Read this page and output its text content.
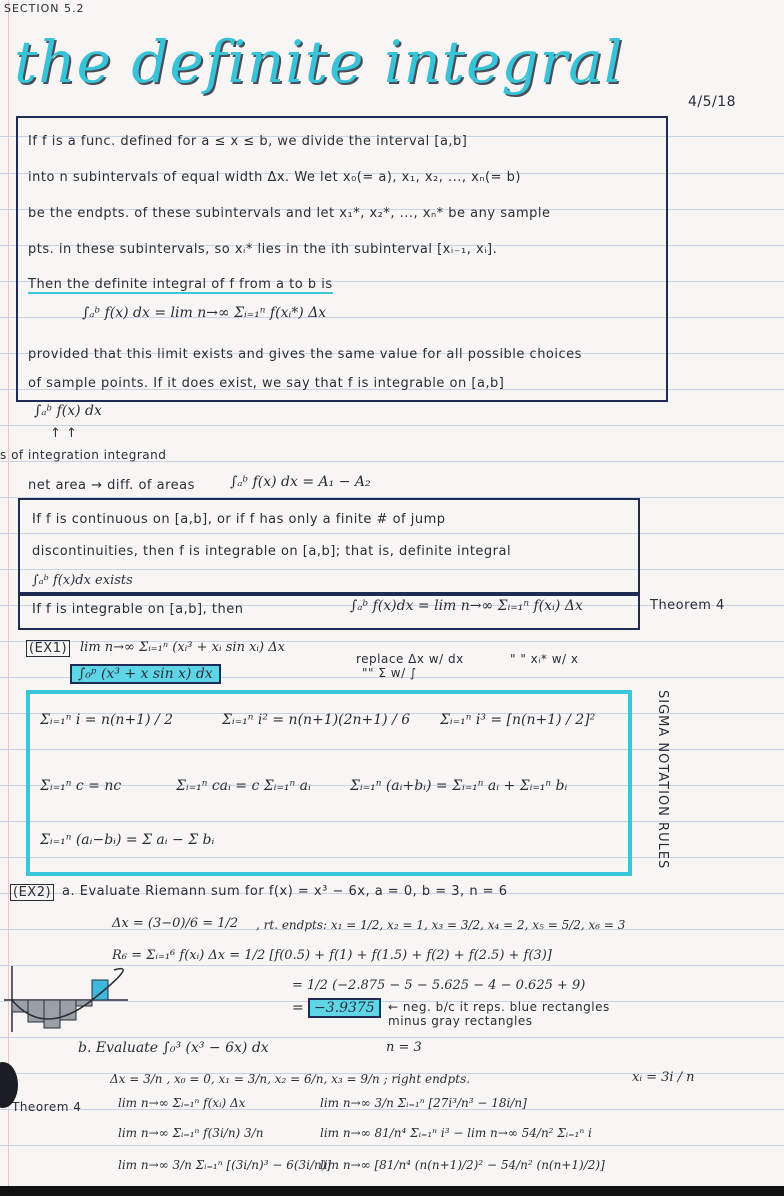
SECTION 5.2
the definite integral
4/5/18
If f is a func. defined for a ≤ x ≤ b, we divide the interval [a,b]
into n subintervals of equal width Δx. We let x₀(= a), x₁, x₂, ..., xₙ(= b)
be the endpts. of these subintervals and let x₁*, x₂*, ..., xₙ* be any sample
pts. in these subintervals, so xᵢ* lies in the ith subinterval [xᵢ₋₁, xᵢ].
Then the definite integral of f from a to b is
∫ₐᵇ f(x) dx = lim n→∞ Σᵢ₌₁ⁿ f(xᵢ*) Δx
provided that this limit exists and gives the same value for all possible choices
of sample points. If it does exist, we say that f is integrable on [a,b]
∫ₐᵇ f(x) dx
↑ ↑
s of integration integrand
net area → diff. of areas	∫ₐᵇ f(x) dx = A₁ − A₂
If f is continuous on [a,b], or if f has only a finite # of jump
discontinuities, then f is integrable on [a,b]; that is, definite integral
∫ₐᵇ f(x)dx exists
If f is integrable on [a,b], then	∫ₐᵇ f(x)dx = lim n→∞ Σᵢ₌₁ⁿ f(xᵢ) Δx	Theorem 4
(EX1) lim n→∞ Σᵢ₌₁ⁿ (xᵢ³ + xᵢ sin xᵢ) Δx
∫₀ᵖ (x³ + x sin x) dx
replace Δx w/ dx
"" Σ w/ ∫
" " xᵢ* w/ x
Σᵢ₌₁ⁿ i = n(n+1) / 2	Σᵢ₌₁ⁿ i² = n(n+1)(2n+1) / 6 Σᵢ₌₁ⁿ i³ = [n(n+1) / 2]²
Σᵢ₌₁ⁿ c = nc	Σᵢ₌₁ⁿ caᵢ = c Σᵢ₌₁ⁿ aᵢ	Σᵢ₌₁ⁿ (aᵢ+bᵢ) = Σᵢ₌₁ⁿ aᵢ + Σᵢ₌₁ⁿ bᵢ
Σᵢ₌₁ⁿ (aᵢ−bᵢ) = Σ aᵢ − Σ bᵢ	SIGMA NOTATION RULES
(EX2) a. Evaluate Riemann sum for f(x) = x³ − 6x, a = 0, b = 3, n = 6
Δx = (3−0)/6 = 1/2 , rt. endpts: x₁ = 1/2, x₂ = 1, x₃ = 3/2, x₄ = 2, x₅ = 5/2, x₆ = 3
R₆ = Σᵢ₌₁⁶ f(xᵢ) Δx = 1/2 [f(0.5) + f(1) + f(1.5) + f(2) + f(2.5) + f(3)]
= 1/2 (−2.875 − 5 − 5.625 − 4 − 0.625 + 9)
= −3.9375	← neg. b/c it reps. blue rectangles minus gray rectangles
b. Evaluate ∫₀³ (x³ − 6x) dx	n = 3
Δx = 3/n , x₀ = 0, x₁ = 3/n, x₂ = 6/n, x₃ = 9/n ; right endpts.	xᵢ = 3i / n
Theorem 4	lim n→∞ Σᵢ₌₁ⁿ f(xᵢ) Δx
lim n→∞ Σᵢ₌₁ⁿ f(3i/n) 3/n
lim n→∞ 3/n Σᵢ₌₁ⁿ [(3i/n)³ − 6(3i/n)]
lim n→∞ 3/n Σᵢ₌₁ⁿ [27i³/n³ − 18i/n]
lim n→∞ 81/n⁴ Σᵢ₌₁ⁿ i³ − lim n→∞ 54/n² Σᵢ₌₁ⁿ i
lim n→∞ [81/n⁴ (n(n+1)/2)² − 54/n² (n(n+1)/2)]
